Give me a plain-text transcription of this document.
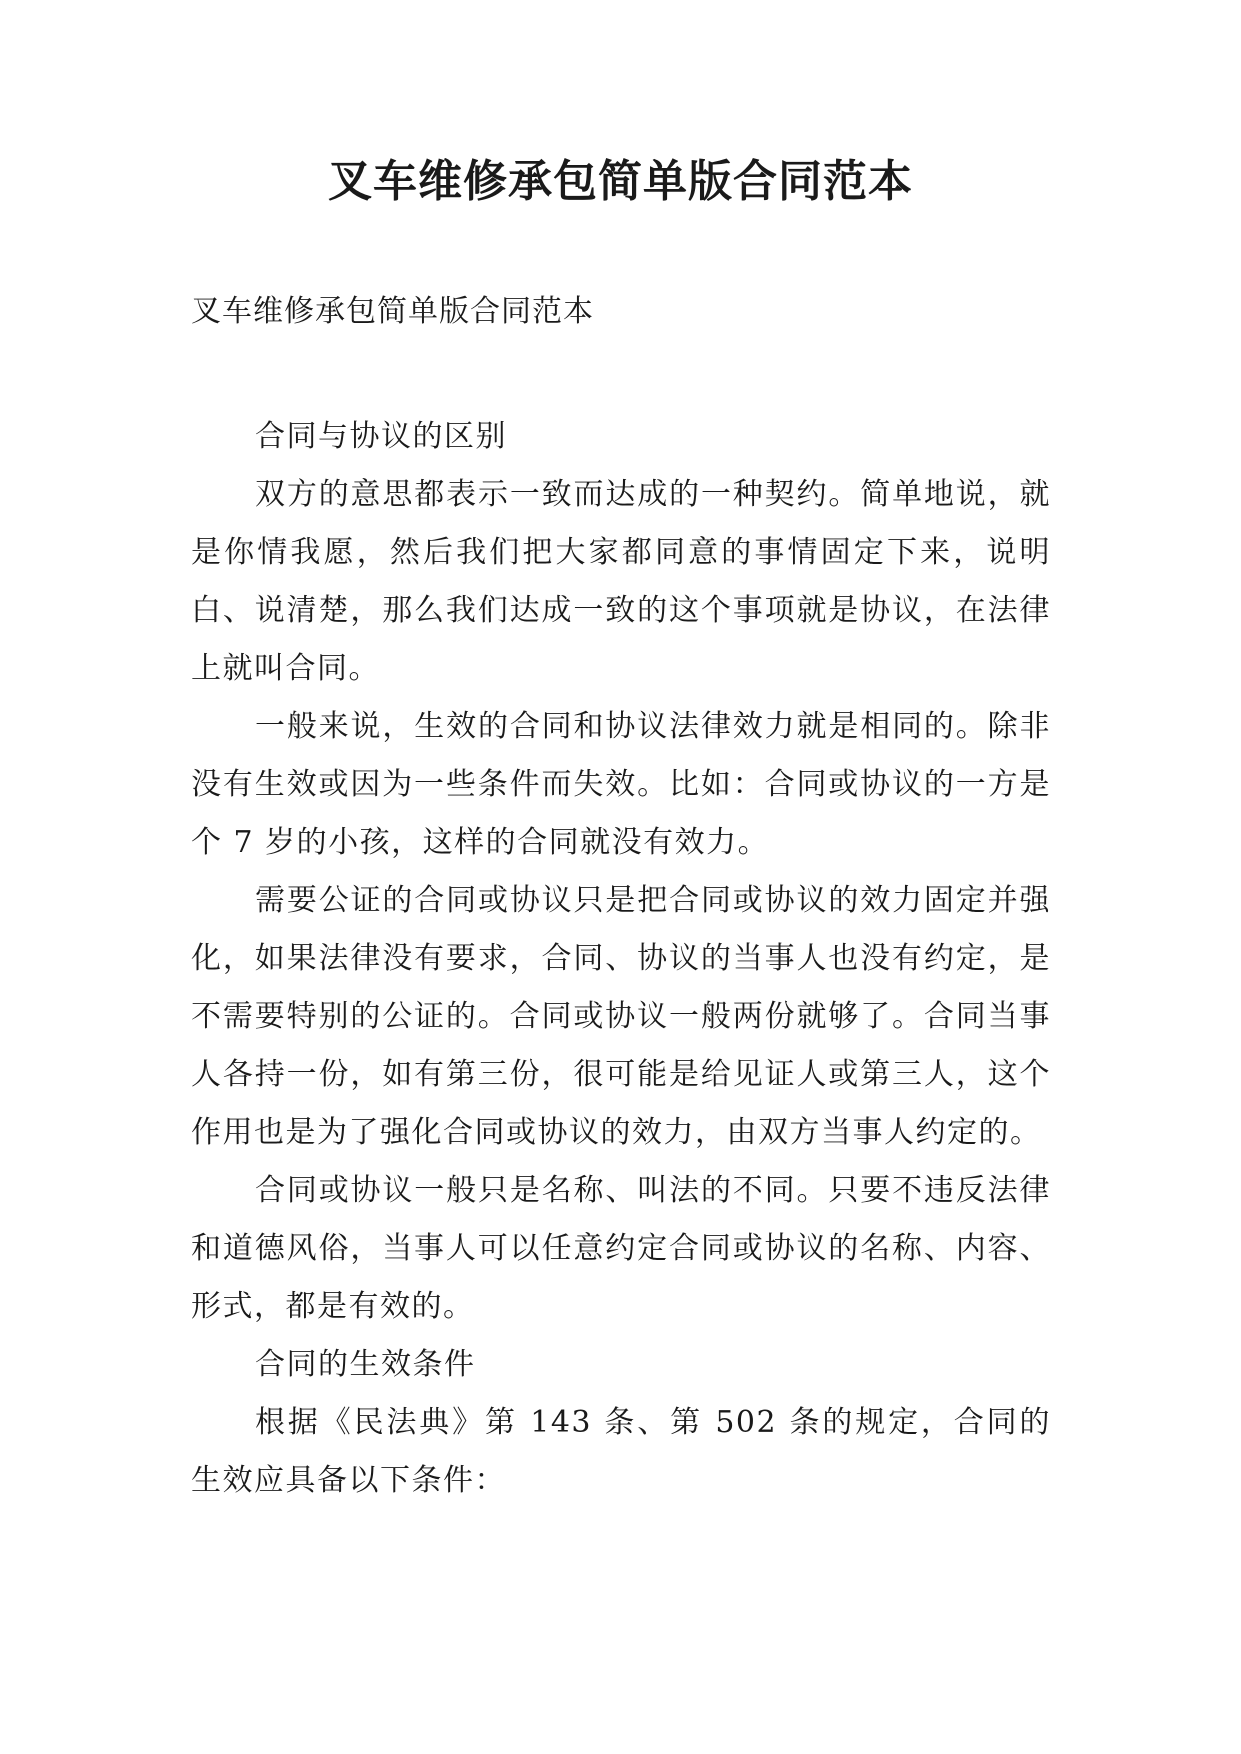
叉车维修承包简单版合同范本

叉车维修承包简单版合同范本

合同与协议的区别

双方的意思都表示一致而达成的一种契约。简单地说，就是你情我愿，然后我们把大家都同意的事情固定下来，说明白、说清楚，那么我们达成一致的这个事项就是协议，在法律上就叫合同。

一般来说，生效的合同和协议法律效力就是相同的。除非没有生效或因为一些条件而失效。比如：合同或协议的一方是个 7 岁的小孩，这样的合同就没有效力。

需要公证的合同或协议只是把合同或协议的效力固定并强化，如果法律没有要求，合同、协议的当事人也没有约定，是不需要特别的公证的。合同或协议一般两份就够了。合同当事人各持一份，如有第三份，很可能是给见证人或第三人，这个作用也是为了强化合同或协议的效力，由双方当事人约定的。

合同或协议一般只是名称、叫法的不同。只要不违反法律和道德风俗，当事人可以任意约定合同或协议的名称、内容、形式，都是有效的。

合同的生效条件

根据《民法典》第 143 条、第 502 条的规定，合同的生效应具备以下条件：
